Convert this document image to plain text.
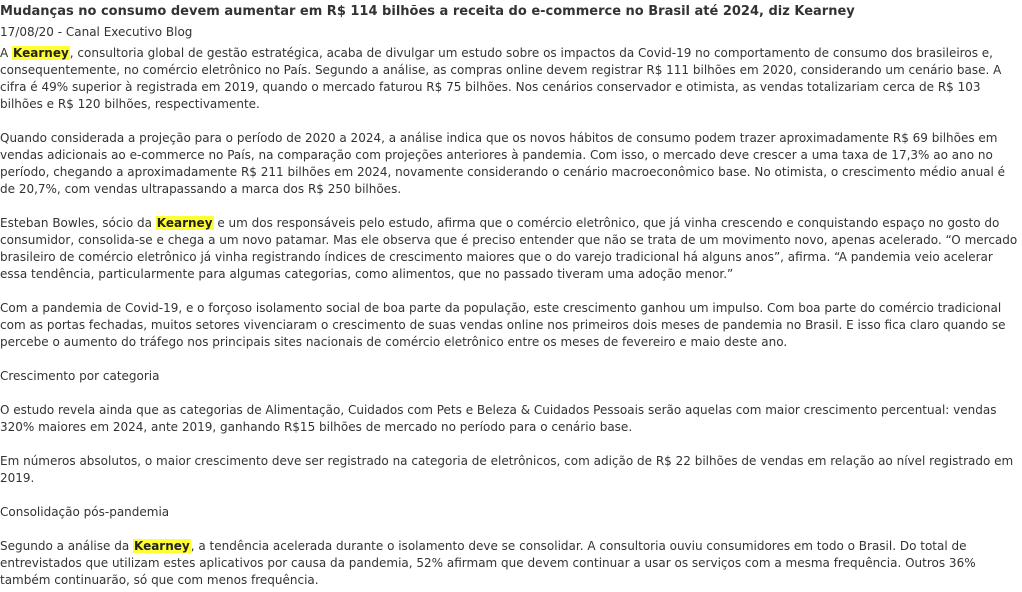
Mudanças no consumo devem aumentar em R$ 114 bilhões a receita do e-commerce no Brasil até 2024, diz Kearney
17/08/20 - Canal Executivo Blog

A Kearney, consultoria global de gestão estratégica, acaba de divulgar um estudo sobre os impactos da Covid-19 no comportamento de consumo dos brasileiros e, consequentemente, no comércio eletrônico no País. Segundo a análise, as compras online devem registrar R$ 111 bilhões em 2020, considerando um cenário base. A cifra é 49% superior à registrada em 2019, quando o mercado faturou R$ 75 bilhões. Nos cenários conservador e otimista, as vendas totalizariam cerca de R$ 103 bilhões e R$ 120 bilhões, respectivamente.

Quando considerada a projeção para o período de 2020 a 2024, a análise indica que os novos hábitos de consumo podem trazer aproximadamente R$ 69 bilhões em vendas adicionais ao e-commerce no País, na comparação com projeções anteriores à pandemia. Com isso, o mercado deve crescer a uma taxa de 17,3% ao ano no período, chegando a aproximadamente R$ 211 bilhões em 2024, novamente considerando o cenário macroeconômico base. No otimista, o crescimento médio anual é de 20,7%, com vendas ultrapassando a marca dos R$ 250 bilhões.

Esteban Bowles, sócio da Kearney e um dos responsáveis pelo estudo, afirma que o comércio eletrônico, que já vinha crescendo e conquistando espaço no gosto do consumidor, consolida-se e chega a um novo patamar. Mas ele observa que é preciso entender que não se trata de um movimento novo, apenas acelerado. “O mercado brasileiro de comércio eletrônico já vinha registrando índices de crescimento maiores que o do varejo tradicional há alguns anos”, afirma. “A pandemia veio acelerar essa tendência, particularmente para algumas categorias, como alimentos, que no passado tiveram uma adoção menor.”

Com a pandemia de Covid-19, e o forçoso isolamento social de boa parte da população, este crescimento ganhou um impulso. Com boa parte do comércio tradicional com as portas fechadas, muitos setores vivenciaram o crescimento de suas vendas online nos primeiros dois meses de pandemia no Brasil. E isso fica claro quando se percebe o aumento do tráfego nos principais sites nacionais de comércio eletrônico entre os meses de fevereiro e maio deste ano.

Crescimento por categoria

O estudo revela ainda que as categorias de Alimentação, Cuidados com Pets e Beleza & Cuidados Pessoais serão aquelas com maior crescimento percentual: vendas 320% maiores em 2024, ante 2019, ganhando R$15 bilhões de mercado no período para o cenário base.

Em números absolutos, o maior crescimento deve ser registrado na categoria de eletrônicos, com adição de R$ 22 bilhões de vendas em relação ao nível registrado em 2019.

Consolidação pós-pandemia

Segundo a análise da Kearney, a tendência acelerada durante o isolamento deve se consolidar. A consultoria ouviu consumidores em todo o Brasil. Do total de entrevistados que utilizam estes aplicativos por causa da pandemia, 52% afirmam que devem continuar a usar os serviços com a mesma frequência. Outros 36% também continuarão, só que com menos frequência.
